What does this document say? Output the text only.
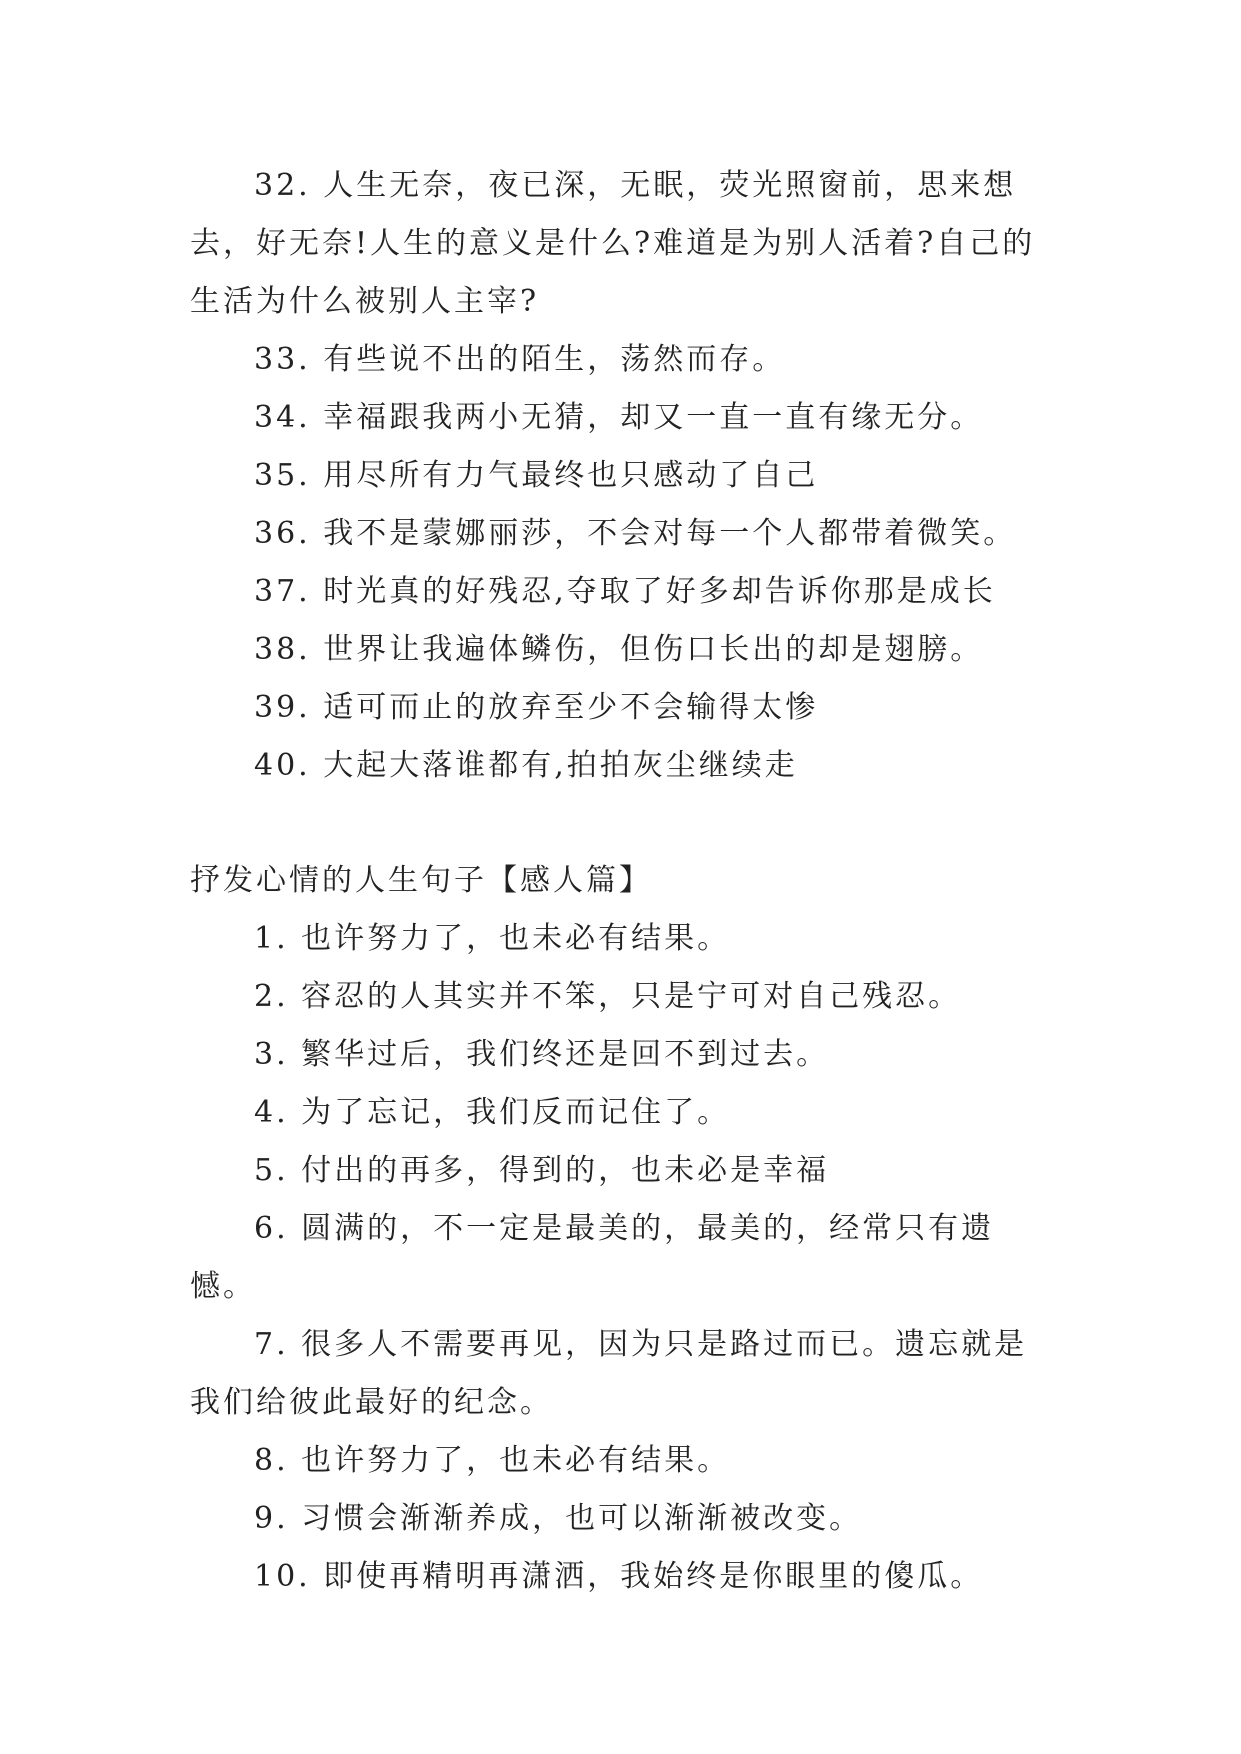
32. 人生无奈，夜已深，无眠，荧光照窗前，思来想去，好无奈!人生的意义是什么?难道是为别人活着?自己的生活为什么被别人主宰?

33. 有些说不出的陌生，荡然而存。

34. 幸福跟我两小无猜，却又一直一直有缘无分。

35. 用尽所有力气最终也只感动了自己

36. 我不是蒙娜丽莎，不会对每一个人都带着微笑。

37. 时光真的好残忍,夺取了好多却告诉你那是成长

38. 世界让我遍体鳞伤，但伤口长出的却是翅膀。

39. 适可而止的放弃至少不会输得太惨

40. 大起大落谁都有,拍拍灰尘继续走

抒发心情的人生句子【感人篇】

1. 也许努力了，也未必有结果。

2. 容忍的人其实并不笨，只是宁可对自己残忍。

3. 繁华过后，我们终还是回不到过去。

4. 为了忘记，我们反而记住了。

5. 付出的再多，得到的，也未必是幸福

6. 圆满的，不一定是最美的，最美的，经常只有遗憾。

7. 很多人不需要再见，因为只是路过而已。遗忘就是我们给彼此最好的纪念。

8. 也许努力了，也未必有结果。

9. 习惯会渐渐养成，也可以渐渐被改变。

10. 即使再精明再潇洒，我始终是你眼里的傻瓜。
